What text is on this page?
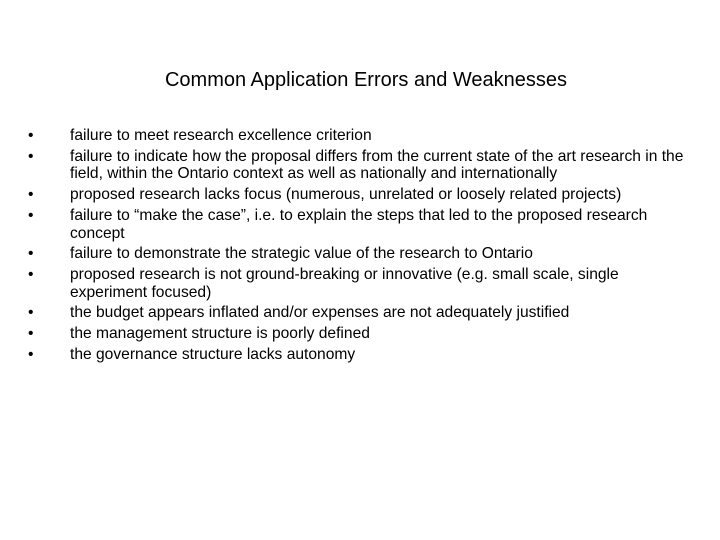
Common Application Errors and Weaknesses
•	failure to meet research excellence criterion
•	failure to indicate how the proposal differs from the current state of the art research in the field, within the Ontario context as well as nationally and internationally
•	proposed research lacks focus (numerous, unrelated or loosely related projects)
•	failure to “make the case”, i.e. to explain the steps that led to the proposed research concept
•	failure to demonstrate the strategic value of the research to Ontario
•	proposed research is not ground-breaking or innovative (e.g. small scale, single experiment focused)
•	the budget appears inflated and/or expenses are not adequately justified
•	the management structure is poorly defined
•	the governance structure lacks autonomy
